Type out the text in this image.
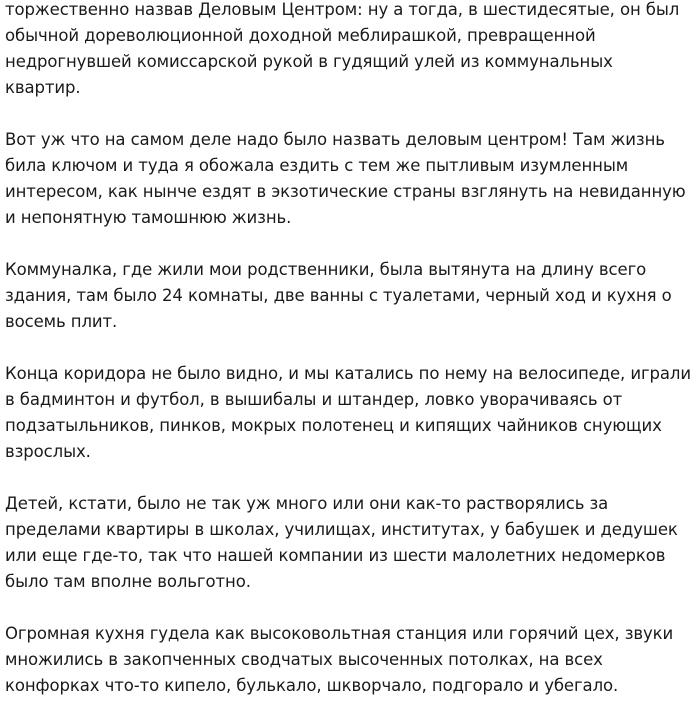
торжественно назвав Деловым Центром: ну а тогда, в шестидесятые, он был
обычной дореволюционной доходной меблирашкой, превращенной
недрогнувшей комиссарской рукой в гудящий улей из коммунальных
квартир.

Вот уж что на самом деле надо было назвать деловым центром! Там жизнь
била ключом и туда я обожала ездить с тем же пытливым изумленным
интересом, как нынче ездят в экзотические страны взглянуть на невиданную
и непонятную тамошнюю жизнь.

Коммуналка, где жили мои родственники, была вытянута на длину всего
здания, там было 24 комнаты, две ванны с туалетами, черный ход и кухня о
восемь плит.

Конца коридора не было видно, и мы катались по нему на велосипеде, играли
в бадминтон и футбол, в вышибалы и штандер, ловко уворачиваясь от
подзатыльников, пинков, мокрых полотенец и кипящих чайников снующих
взрослых.

Детей, кстати, было не так уж много или они как-то растворялись за
пределами квартиры в школах, училищах, институтах, у бабушек и дедушек
или еще где-то, так что нашей компании из шести малолетних недомерков
было там вполне вольготно.

Огромная кухня гудела как высоковольтная станция или горячий цех, звуки
множились в закопченных сводчатых высоченных потолках, на всех
конфорках что-то кипело, булькало, шкворчало, подгорало и убегало.
